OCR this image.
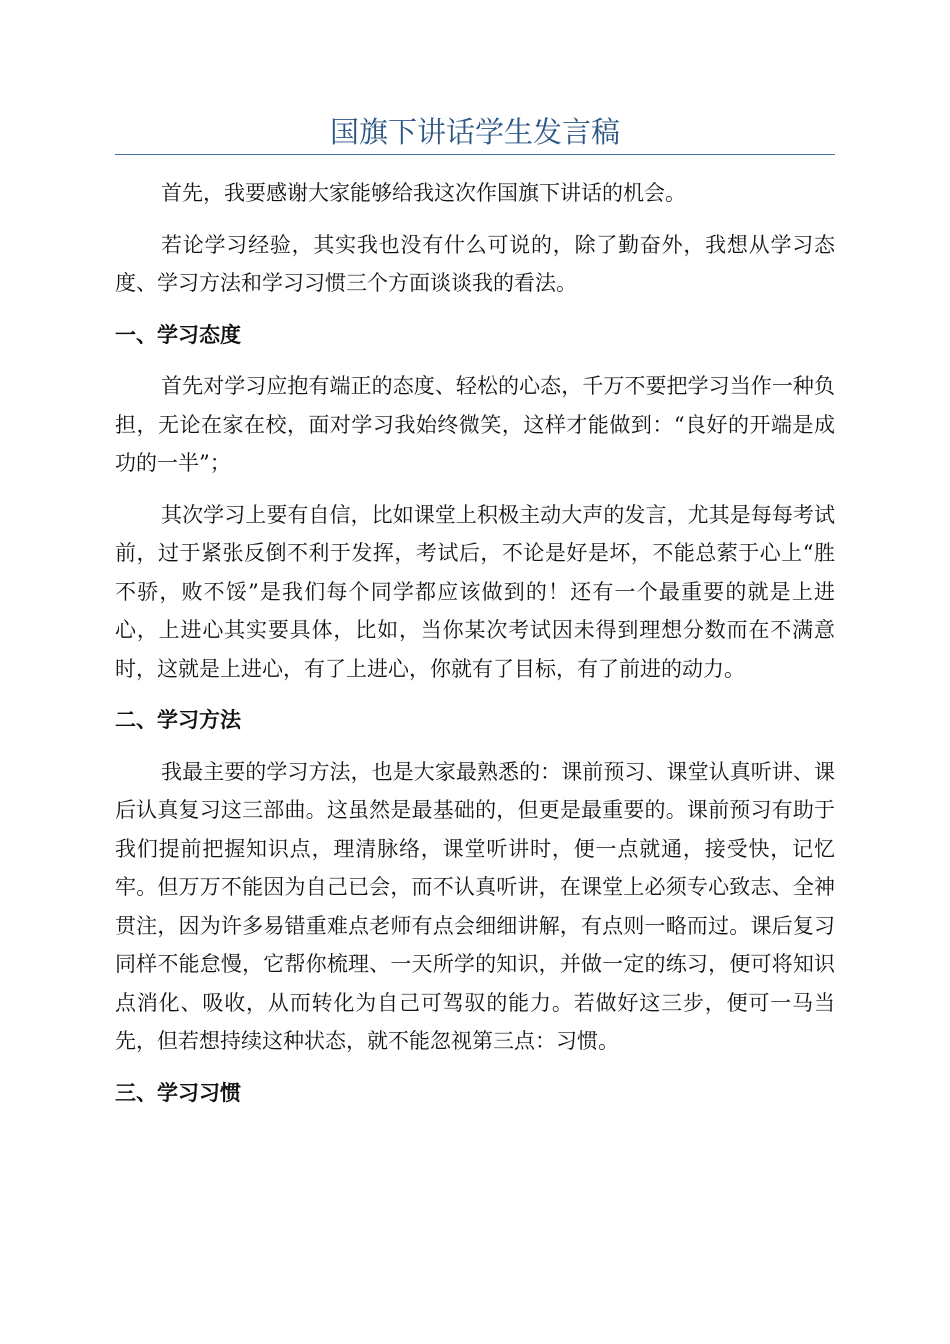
国旗下讲话学生发言稿

首先，我要感谢大家能够给我这次作国旗下讲话的机会。

若论学习经验，其实我也没有什么可说的，除了勤奋外，我想从学习态度、学习方法和学习习惯三个方面谈谈我的看法。

一、学习态度

首先对学习应抱有端正的态度、轻松的心态，千万不要把学习当作一种负担，无论在家在校，面对学习我始终微笑，这样才能做到：“良好的开端是成功的一半”；

其次学习上要有自信，比如课堂上积极主动大声的发言，尤其是每每考试前，过于紧张反倒不利于发挥，考试后，不论是好是坏，不能总萦于心上“胜不骄，败不馁”是我们每个同学都应该做到的！还有一个最重要的就是上进心，上进心其实要具体，比如，当你某次考试因未得到理想分数而在不满意时，这就是上进心，有了上进心，你就有了目标，有了前进的动力。

二、学习方法

我最主要的学习方法，也是大家最熟悉的：课前预习、课堂认真听讲、课后认真复习这三部曲。这虽然是最基础的，但更是最重要的。课前预习有助于我们提前把握知识点，理清脉络，课堂听讲时，便一点就通，接受快，记忆牢。但万万不能因为自己已会，而不认真听讲，在课堂上必须专心致志、全神贯注，因为许多易错重难点老师有点会细细讲解，有点则一略而过。课后复习同样不能怠慢，它帮你梳理、一天所学的知识，并做一定的练习，便可将知识点消化、吸收，从而转化为自己可驾驭的能力。若做好这三步，便可一马当先，但若想持续这种状态，就不能忽视第三点：习惯。

三、学习习惯
